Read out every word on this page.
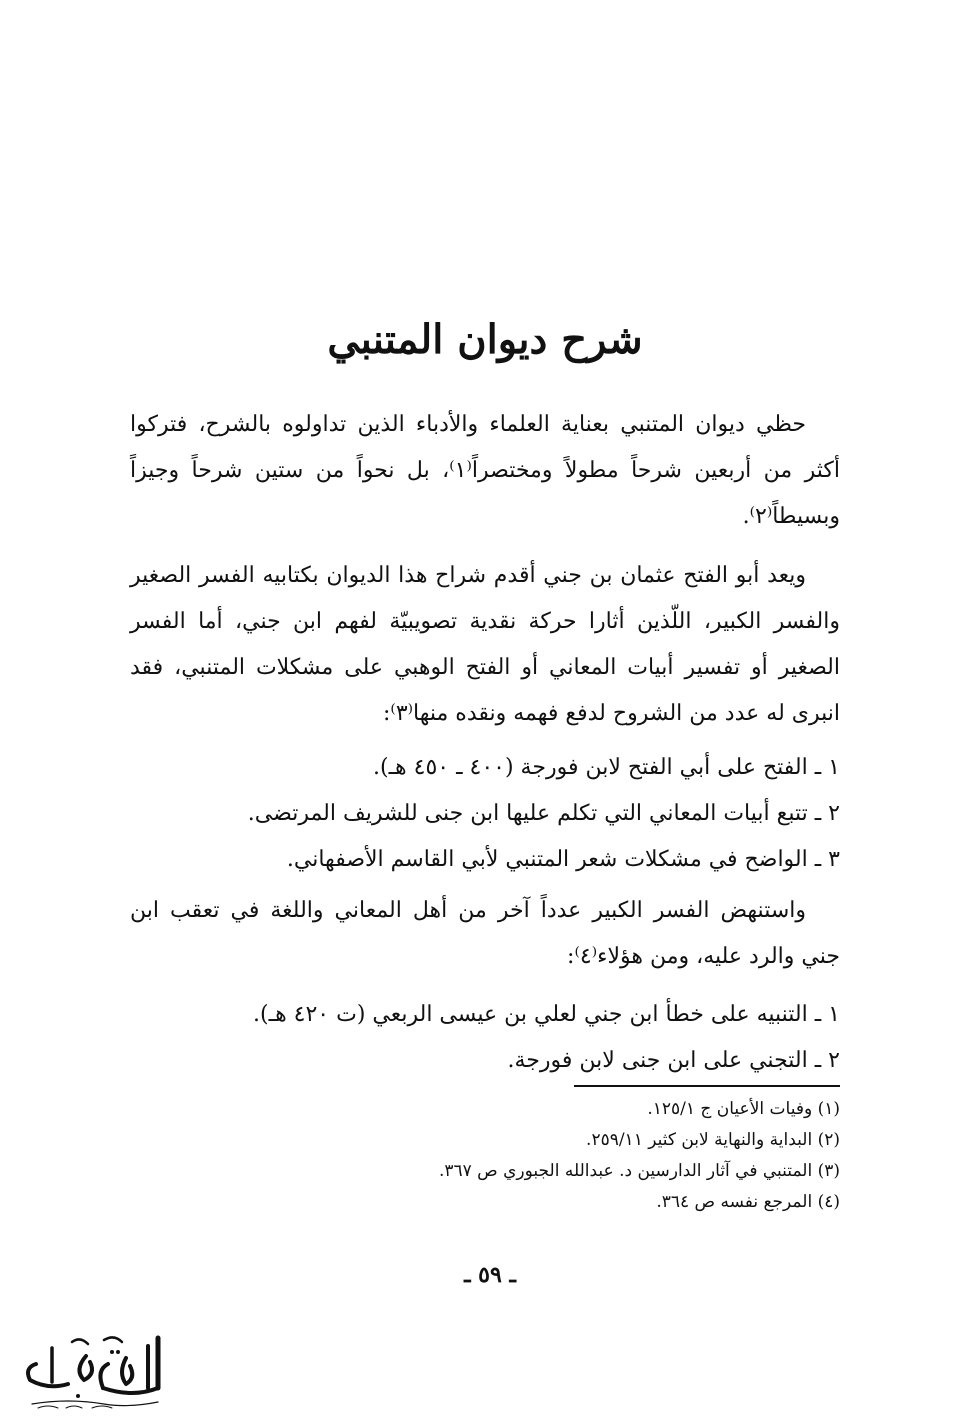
شرح ديوان المتنبي

حظي ديوان المتنبي بعناية العلماء والأدباء الذين تداولوه بالشرح، فتركوا أكثر من أربعين شرحاً مطولاً ومختصراً⁽١⁾، بل نحواً من ستين شرحاً وجيزاً وبسيطاً⁽٢⁾.

ويعد أبو الفتح عثمان بن جني أقدم شراح هذا الديوان بكتابيه الفسر الصغير والفسر الكبير، اللّذين أثارا حركة نقدية تصويبيّة لفهم ابن جني، أما الفسر الصغير أو تفسير أبيات المعاني أو الفتح الوهبي على مشكلات المتنبي، فقد انبرى له عدد من الشروح لدفع فهمه ونقده منها⁽٣⁾:

١ ـ الفتح على أبي الفتح لابن فورجة (٤٠٠ ـ ٤٥٠ هـ).

٢ ـ تتبع أبيات المعاني التي تكلم عليها ابن جنى للشريف المرتضى.

٣ ـ الواضح في مشكلات شعر المتنبي لأبي القاسم الأصفهاني.

واستنهض الفسر الكبير عدداً آخر من أهل المعاني واللغة في تعقب ابن جني والرد عليه، ومن هؤلاء⁽٤⁾:

١ ـ التنبيه على خطأ ابن جني لعلي بن عيسى الربعي (ت ٤٢٠ هـ).

٢ ـ التجني على ابن جنى لابن فورجة.

(١) وفيات الأعيان ج ١٢٥/١.

(٢) البداية والنهاية لابن كثير ٢٥٩/١١.

(٣) المتنبي في آثار الدارسين د. عبدالله الجبوري ص ٣٦٧.

(٤) المرجع نفسه ص ٣٦٤.

ـ ٥٩ ـ
